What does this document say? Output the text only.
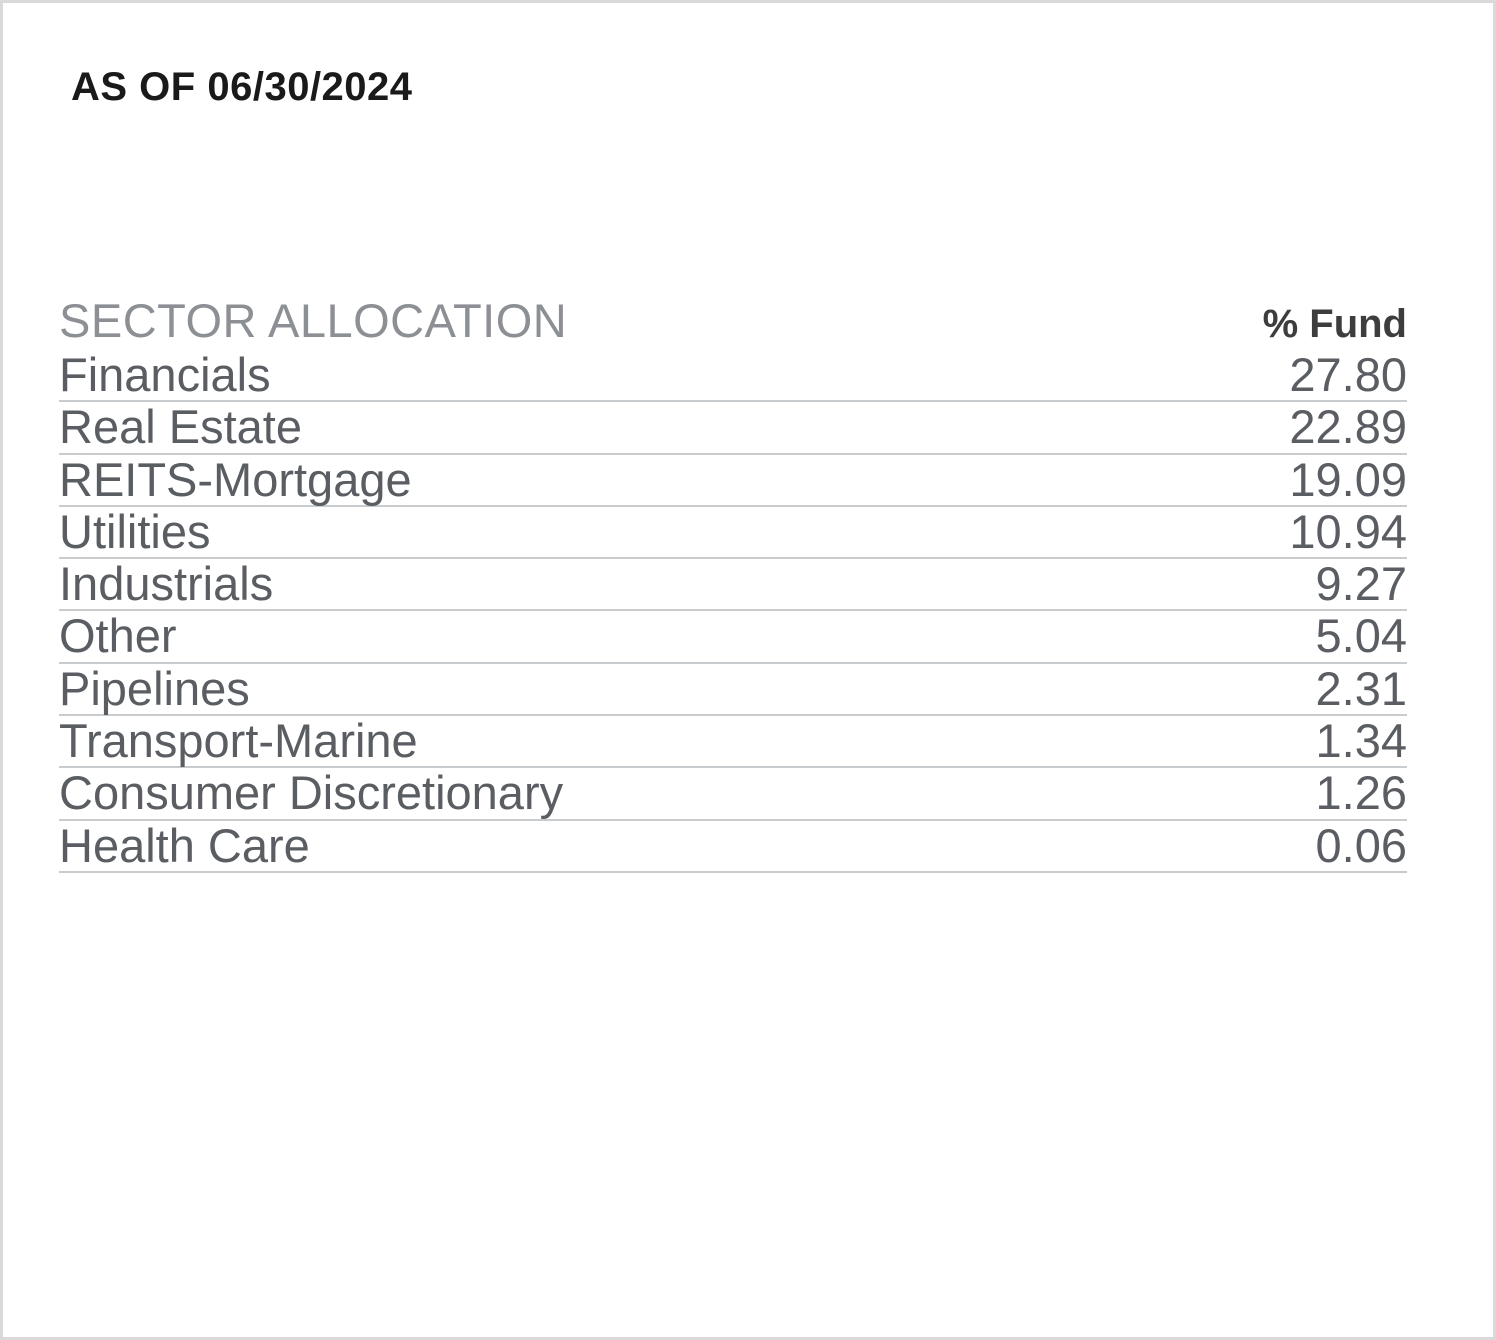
AS OF 06/30/2024
SECTOR ALLOCATION	% Fund
Financials	27.80
Real Estate	22.89
REITS-Mortgage	19.09
Utilities	10.94
Industrials	9.27
Other	5.04
Pipelines	2.31
Transport-Marine	1.34
Consumer Discretionary	1.26
Health Care	0.06
